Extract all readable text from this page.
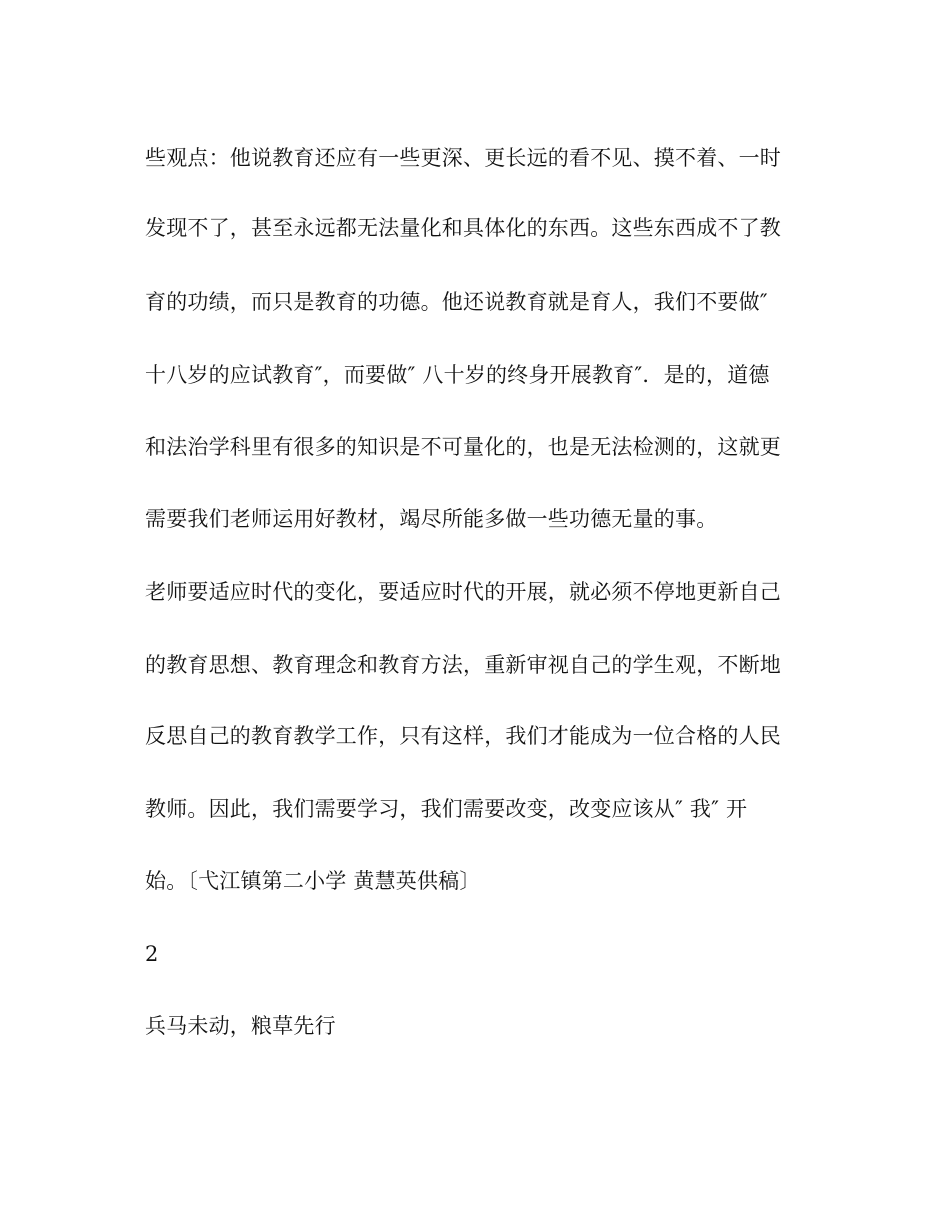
些观点：他说教育还应有一些更深、更长远的看不见、摸不着、一时
发现不了，甚至永远都无法量化和具体化的东西。这些东西成不了教
育的功绩，而只是教育的功德。他还说教育就是育人，我们不要做″
十八岁的应试教育″，而要做″ 八十岁的终身开展教育″．是的，道德
和法治学科里有很多的知识是不可量化的，也是无法检测的，这就更
需要我们老师运用好教材，竭尽所能多做一些功德无量的事。
老师要适应时代的变化，要适应时代的开展，就必须不停地更新自己
的教育思想、教育理念和教育方法，重新审视自己的学生观，不断地
反思自己的教育教学工作，只有这样，我们才能成为一位合格的人民
教师。因此，我们需要学习，我们需要改变，改变应该从″ 我″ 开
始。〔弋江镇第二小学 黄慧英供稿〕
2
兵马未动，粮草先行
